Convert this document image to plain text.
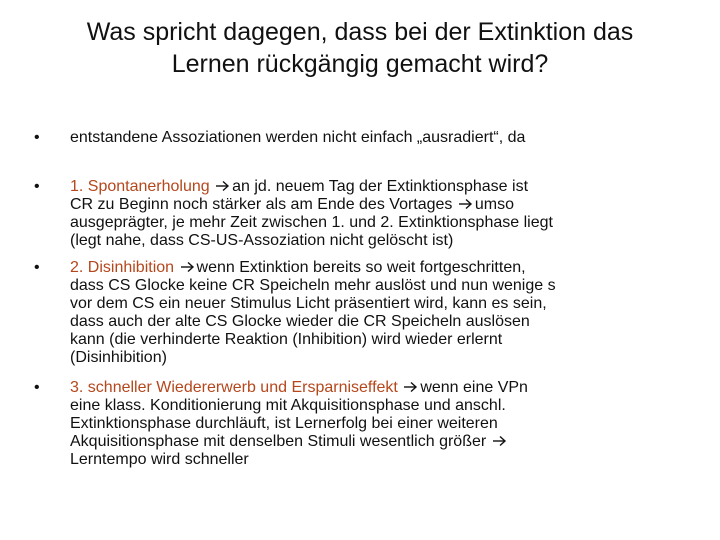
Was spricht dagegen, dass bei der Extinktion das
Lernen rückgängig gemacht wird?
•	entstandene Assoziationen werden nicht einfach „ausradiert“, da
•	1. Spontanerholung an jd. neuem Tag der Extinktionsphase ist
CR zu Beginn noch stärker als am Ende des Vortages umso
ausgeprägter, je mehr Zeit zwischen 1. und 2. Extinktionsphase liegt
(legt nahe, dass CS-US-Assoziation nicht gelöscht ist)
•	2. Disinhibition wenn Extinktion bereits so weit fortgeschritten,
dass CS Glocke keine CR Speicheln mehr auslöst und nun wenige s
vor dem CS ein neuer Stimulus Licht präsentiert wird, kann es sein,
dass auch der alte CS Glocke wieder die CR Speicheln auslösen
kann (die verhinderte Reaktion (Inhibition) wird wieder erlernt
(Disinhibition)
•	3. schneller Wiedererwerb und Ersparniseffekt wenn eine VPn
eine klass. Konditionierung mit Akquisitionsphase und anschl.
Extinktionsphase durchläuft, ist Lernerfolg bei einer weiteren
Akquisitionsphase mit denselben Stimuli wesentlich größer
Lerntempo wird schneller
